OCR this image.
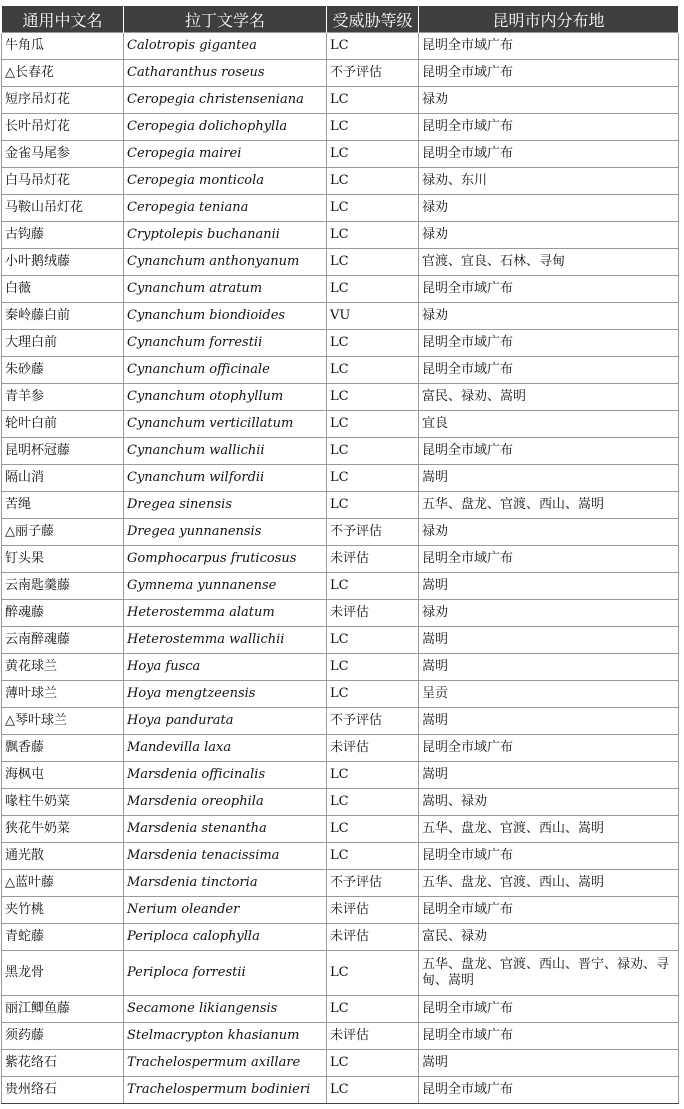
通用中文名	拉丁文学名	受威胁等级	昆明市内分布地
牛角瓜	Calotropis gigantea	LC	昆明全市域广布
△长春花	Catharanthus roseus	不予评估	昆明全市域广布
短序吊灯花	Ceropegia christenseniana	LC	禄劝
长叶吊灯花	Ceropegia dolichophylla	LC	昆明全市域广布
金雀马尾参	Ceropegia mairei	LC	昆明全市域广布
白马吊灯花	Ceropegia monticola	LC	禄劝、东川
马鞍山吊灯花	Ceropegia teniana	LC	禄劝
古钩藤	Cryptolepis buchananii	LC	禄劝
小叶鹅绒藤	Cynanchum anthonyanum	LC	官渡、宜良、石林、寻甸
白薇	Cynanchum atratum	LC	昆明全市域广布
秦岭藤白前	Cynanchum biondioides	VU	禄劝
大理白前	Cynanchum forrestii	LC	昆明全市域广布
朱砂藤	Cynanchum officinale	LC	昆明全市域广布
青羊参	Cynanchum otophyllum	LC	富民、禄劝、嵩明
轮叶白前	Cynanchum verticillatum	LC	宜良
昆明杯冠藤	Cynanchum wallichii	LC	昆明全市域广布
隔山消	Cynanchum wilfordii	LC	嵩明
苦绳	Dregea sinensis	LC	五华、盘龙、官渡、西山、嵩明
△丽子藤	Dregea yunnanensis	不予评估	禄劝
钉头果	Gomphocarpus fruticosus	未评估	昆明全市域广布
云南匙羹藤	Gymnema yunnanense	LC	嵩明
醉魂藤	Heterostemma alatum	未评估	禄劝
云南醉魂藤	Heterostemma wallichii	LC	嵩明
黄花球兰	Hoya fusca	LC	嵩明
薄叶球兰	Hoya mengtzeensis	LC	呈贡
△琴叶球兰	Hoya pandurata	不予评估	嵩明
飘香藤	Mandevilla laxa	未评估	昆明全市域广布
海枫屯	Marsdenia officinalis	LC	嵩明
喙柱牛奶菜	Marsdenia oreophila	LC	嵩明、禄劝
狭花牛奶菜	Marsdenia stenantha	LC	五华、盘龙、官渡、西山、嵩明
通光散	Marsdenia tenacissima	LC	昆明全市域广布
△蓝叶藤	Marsdenia tinctoria	不予评估	五华、盘龙、官渡、西山、嵩明
夹竹桃	Nerium oleander	未评估	昆明全市域广布
青蛇藤	Periploca calophylla	未评估	富民、禄劝
黑龙骨	Periploca forrestii	LC	五华、盘龙、官渡、西山、晋宁、禄劝、寻甸、嵩明
丽江鲫鱼藤	Secamone likiangensis	LC	昆明全市域广布
须药藤	Stelmacrypton khasianum	未评估	昆明全市域广布
紫花络石	Trachelospermum axillare	LC	嵩明
贵州络石	Trachelospermum bodinieri	LC	昆明全市域广布
